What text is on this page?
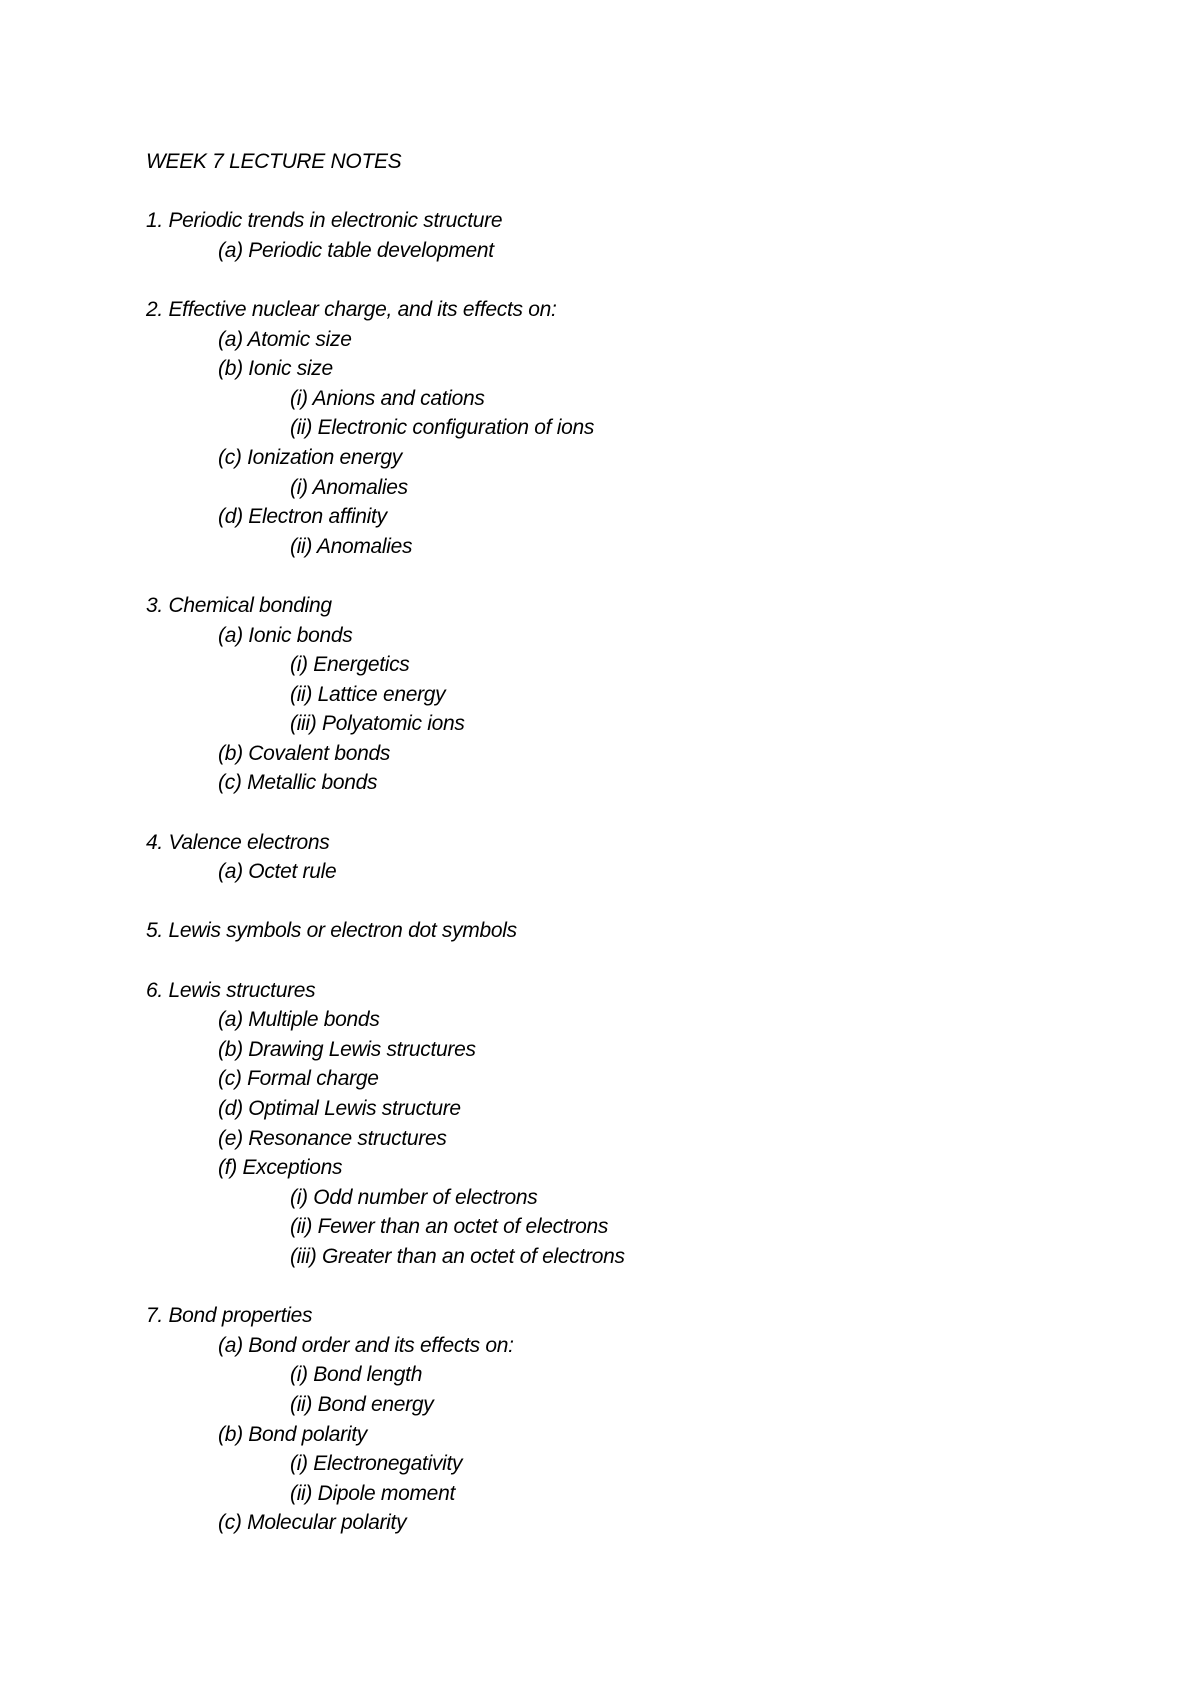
WEEK 7 LECTURE NOTES
1. Periodic trends in electronic structure
(a) Periodic table development
2. Effective nuclear charge, and its effects on:
(a) Atomic size
(b) Ionic size
(i) Anions and cations
(ii) Electronic configuration of ions
(c) Ionization energy
(i) Anomalies
(d) Electron affinity
(ii) Anomalies
3. Chemical bonding
(a) Ionic bonds
(i) Energetics
(ii) Lattice energy
(iii) Polyatomic ions
(b) Covalent bonds
(c) Metallic bonds
4. Valence electrons
(a) Octet rule
5. Lewis symbols or electron dot symbols
6. Lewis structures
(a) Multiple bonds
(b) Drawing Lewis structures
(c) Formal charge
(d) Optimal Lewis structure
(e) Resonance structures
(f) Exceptions
(i) Odd number of electrons
(ii) Fewer than an octet of electrons
(iii) Greater than an octet of electrons
7. Bond properties
(a) Bond order and its effects on:
(i) Bond length
(ii) Bond energy
(b) Bond polarity
(i) Electronegativity
(ii) Dipole moment
(c) Molecular polarity
